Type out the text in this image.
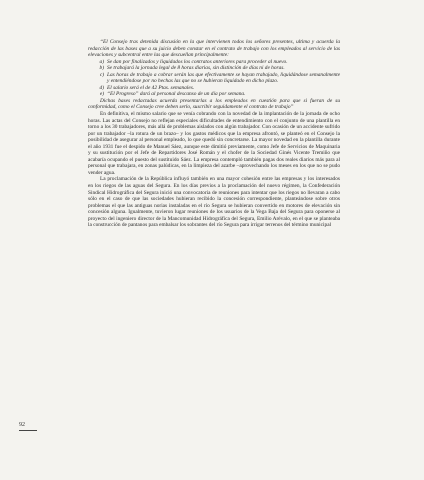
“El Consejo tras detenida discusión en la que intervienen todos los señores presentes, ultima y acuerda la redacción de las bases que a su juicio deben constar en el contrato de trabajo con los empleados al servicio de las elevaciones y subcentral entre las que descuellan principalmente:

a) Se dan por finalizados y liquidados los contratos anteriores para proceder al nuevo.
b) Se trabajará la jornada legal de 8 horas diarias, sin distinción de días ni de horas.
c) Las horas de trabajo a cobrar serán las que efectivamente se hayan trabajado, liquidándose semanalmente y entendiéndose por no hechas las que no se hubieran liquidado en dicho plazo.
d) El salario será el de 42 Ptas. semanales.
e) “El Progreso” dará al personal descanso de un día por semana.

Dichas bases redactadas acuerda presentarlas a los empleados en cuestión para que si fueran de su conformidad, como el Consejo cree deben serlo, suscribir seguidamente el contrato de trabajo”

En definitiva, el mismo salario que se venía cobrando con la novedad de la implantación de la jornada de ocho horas. Las actas del Consejo no reflejan especiales dificultades de entendimiento con el conjunto de una plantilla en torno a los 30 trabajadores, más allá de problemas aislados con algún trabajador. Con ocasión de un accidente sufrido por un trabajador –la rotura de un brazo– y los gastos médicos que la empresa afrontó, se planteó en el Consejo la posibilidad de asegurar al personal empleado, lo que quedó sin concretarse. La mayor novedad en la plantilla durante el año 1931 fue el despido de Manuel Sáez, aunque este dimitió previamente, como Jefe de Servicios de Maquinaria y su sustitución por el Jefe de Repartidores José Román y el chofer de la Sociedad Ginés Vicente Tremiño que acabaría ocupando el puesto del sustituido Sáez. La empresa contempló también pagas dos reales diarios más para al personal que trabajara, en zonas palúdicas, en la limpieza del azarbe –aprovechando los meses en los que no se pudo vender agua.

La proclamación de la República influyó también en una mayor cohesión entre las empresas y los interesados en los riegos de las aguas del Segura. En los días previos a la proclamación del nuevo régimen, la Confederación Sindical Hidrográfica del Segura inició una convocatoria de reuniones para intentar que los riegos no llevaran a cabo sólo en el caso de que las sociedades hubieran recibido la concesión correspondiente, planteándose sobre otros problemas el que las antiguas norias instaladas en el río Segura se hubieran convertido en motores de elevación sin concesión alguna. Igualmente, tuvieron lugar reuniones de los usuarios de la Vega Baja del Segura para oponerse al proyecto del ingeniero director de la Mancomunidad Hidrográfica del Segura, Emilio Arévalo, en el que se planteaba la construcción de pantanos para embalsar los sobrantes del río Segura para irrigar terrenos del término municipal

92
